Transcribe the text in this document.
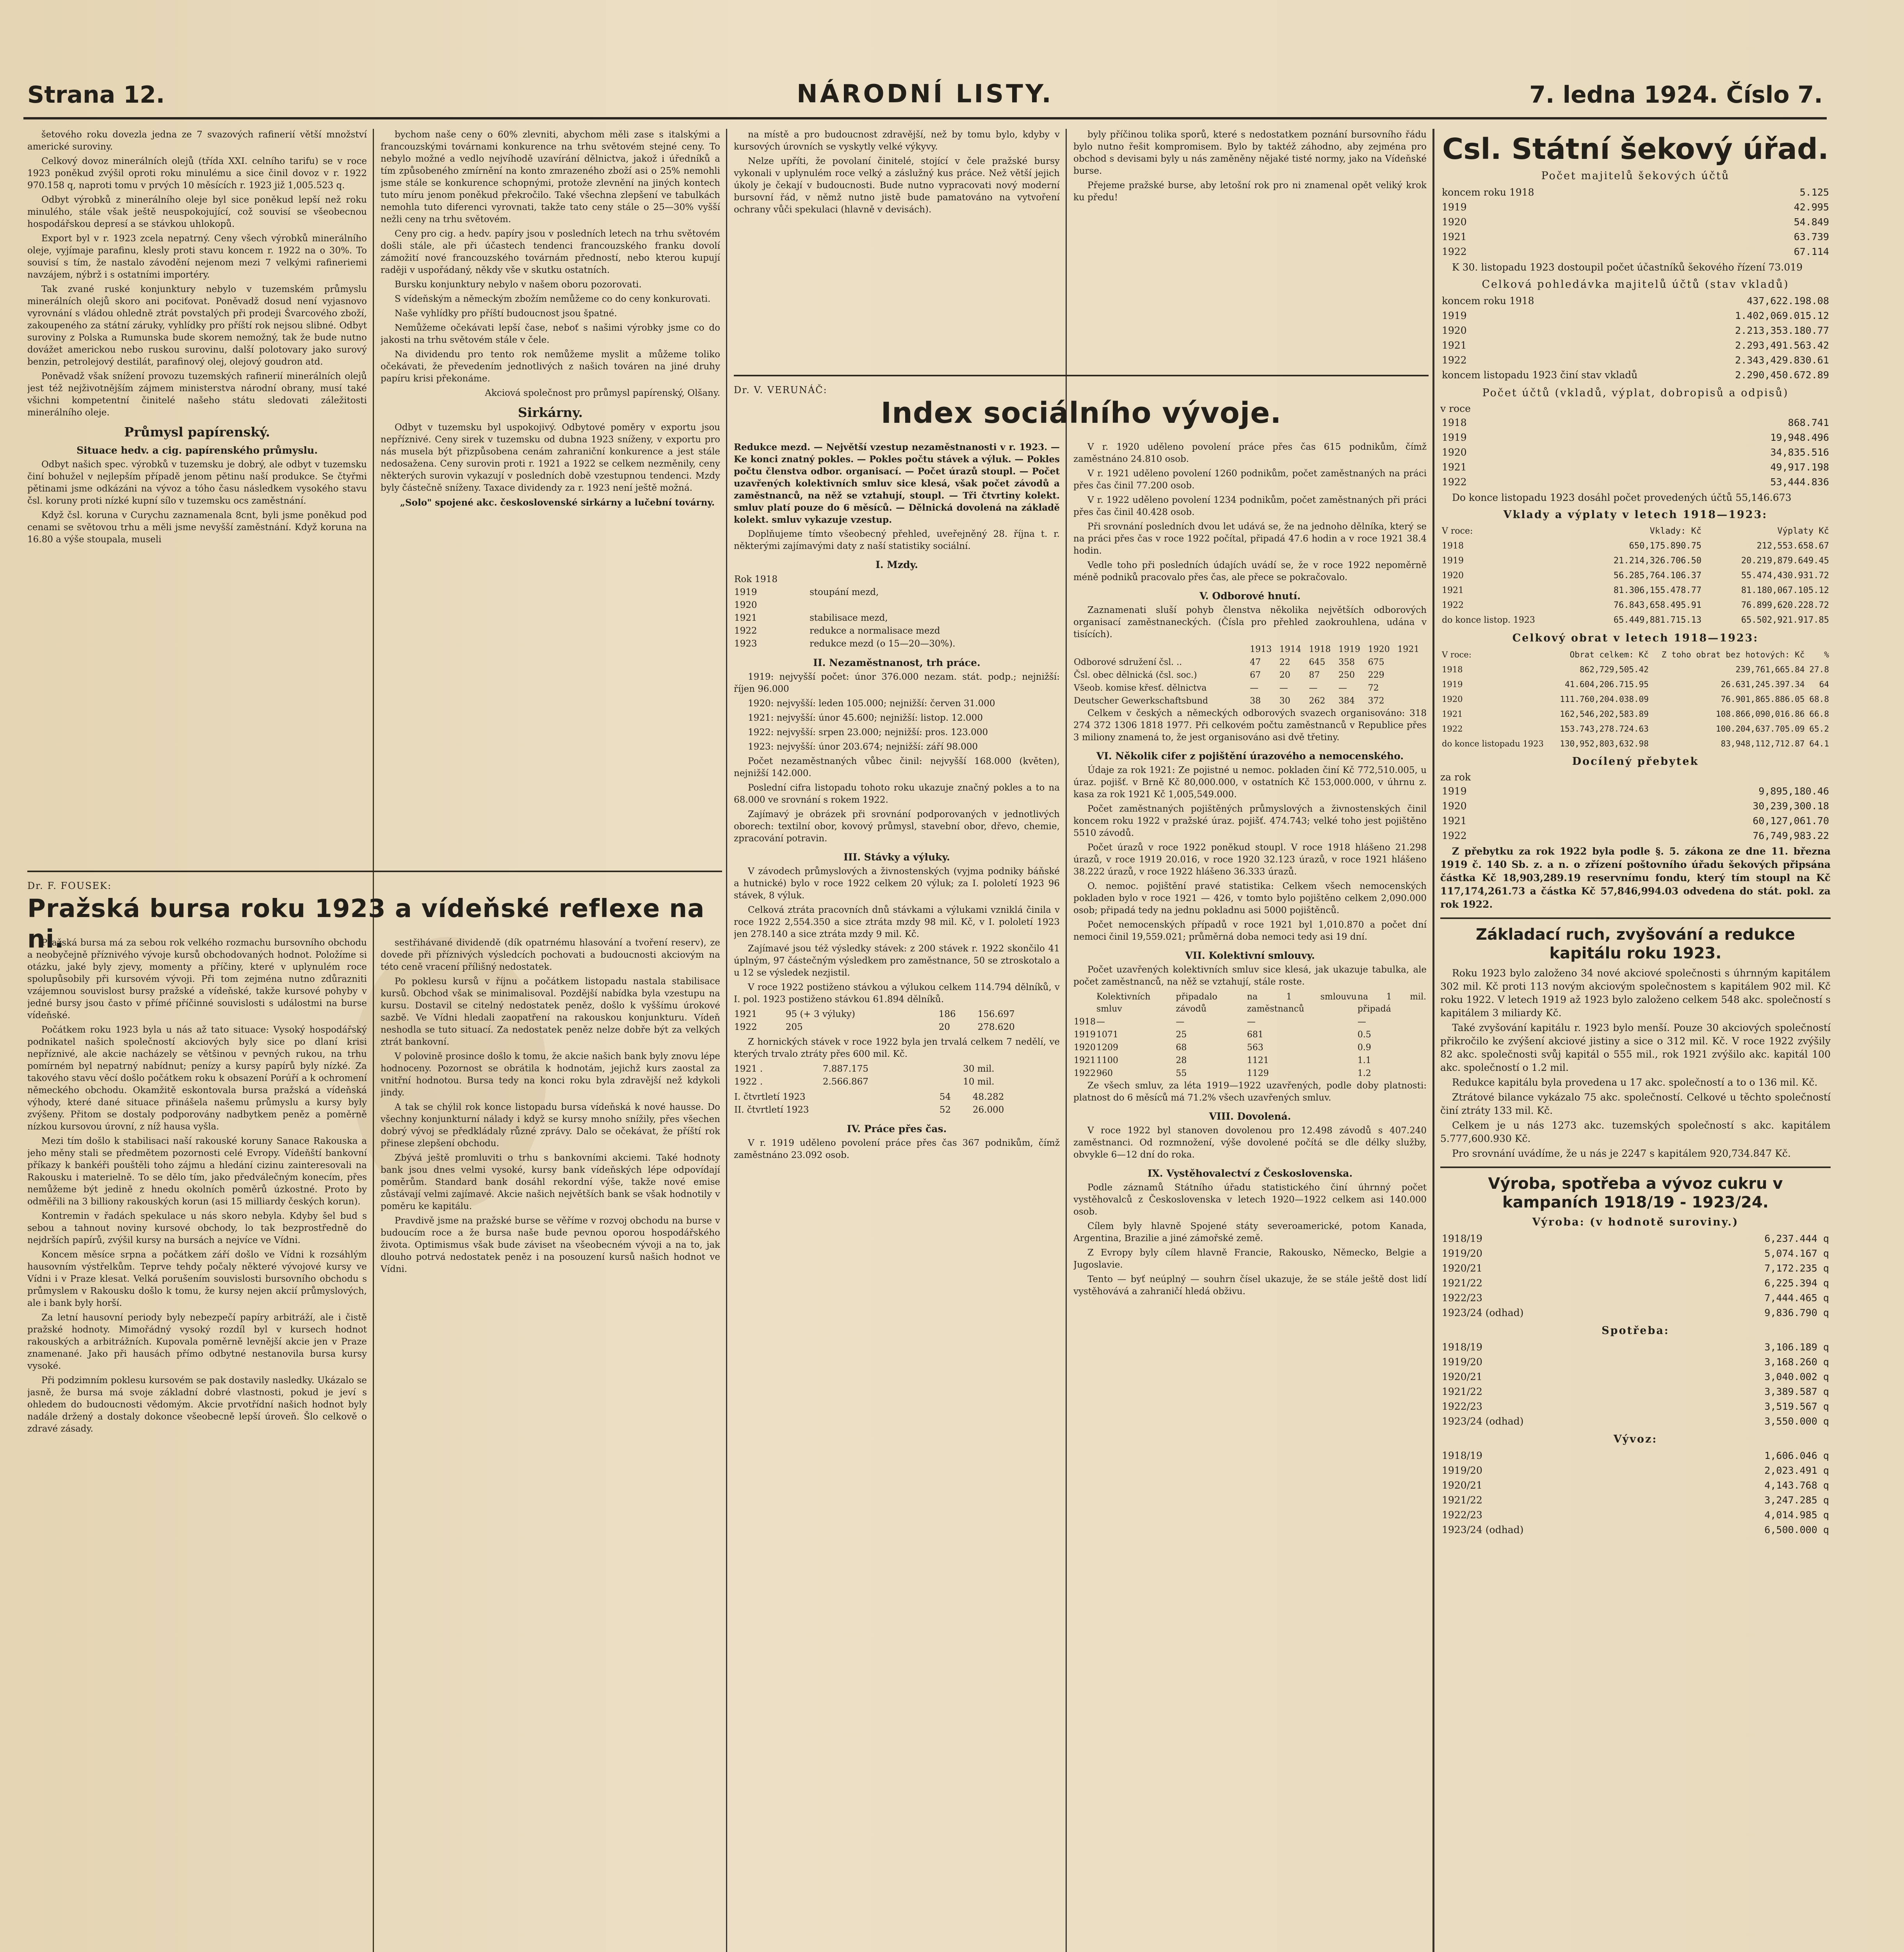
Strana 12.	NÁRODNÍ LISTY.	7. ledna 1924. Číslo 7.

šetového roku dovezla jedna ze 7 svazových rafinerií větší množství americké suroviny.

Celkový dovoz minerálních olejů (třída XXI. celního tarifu) se v roce 1923 poněkud zvýšil oproti roku minulému a sice činil dovoz v r. 1922 970.158 q, naproti tomu v prvých 10 měsících r. 1923 již 1,005.523 q.

Odbyt výrobků z minerálního oleje byl sice poněkud lepší než roku minulého, stále však ještě neuspokojující, což souvisí se všeobecnou hospodářskou depresí a se stávkou uhlokopů.

Export byl v r. 1923 zcela nepatrný. Ceny všech výrobků minerálního oleje, vyjímaje parafinu, klesly proti stavu koncem r. 1922 na o 30%. To souvisí s tím, že nastalo závodění nejenom mezi 7 velkými rafineriemi navzájem, nýbrž i s ostatními importéry.

Tak zvané ruské konjunktury nebylo v tuzemském průmyslu minerálních olejů skoro ani pociťovat. Poněvadž dosud není vyjasnovo vyrovnání s vládou ohledně ztrát povstalých při prodeji Švarcového zboží, zakoupeného za státní záruky, vyhlídky pro příští rok nejsou slibné. Odbyt suroviny z Polska a Rumunska bude skorem nemožný, tak že bude nutno dovážet americkou nebo ruskou surovinu, další polotovary jako surový benzin, petrolejový destilát, parafinový olej, olejový goudron atd.

Poněvadž však snížení provozu tuzemských rafinerií minerálních olejů jest též nejživotnějším zájmem ministerstva národní obrany, musí také všichni kompetentní činitelé našeho státu sledovati záležitosti minerálního oleje.

Průmysl papírenský.
Situace hedv. a cig. papírenského průmyslu.

Odbyt našich spec. výrobků v tuzemsku je dobrý, ale odbyt v tuzemsku činí bohužel v nejlepším případě jenom pětinu naší produkce. Se čtyřmi pětinami jsme odkázáni na vývoz a tóho času následkem vysokého stavu čsl. koruny proti nízké kupní sílo v tuzemsku ocs zaměstnání.

Když čsl. koruna v Curychu zaznamenala 8cnt, byli jsme poněkud pod cenami se světovou trhu a měli jsme nevyšší zaměstnání. Když koruna na 16.80 a výše stoupala, museli

bychom naše ceny o 60% zlevniti, abychom měli zase s italskými a francouzskými továrnami konkurence na trhu světovém stejné ceny. To nebylo možné a vedlo nejvíhodě uzavírání dělnictva, jakož i úředníků a tím způsobeného zmírnění na konto zmrazeného zboží asi o 25% nemohli jsme stále se konkurence schopnými, protože zlevnění na jiných kontech tuto míru jenom poněkud překročilo. Také všechna zlepšení ve tabulkách nemohla tuto diferenci vyrovnati, takže tato ceny stále o 25—30% vyšší nežli ceny na trhu světovém.

Ceny pro cig. a hedv. papíry jsou v posledních letech na trhu světovém došli stále, ale při účastech tendenci francouzského franku dovolí zámožití nové francouzského továrnám předností, nebo kterou kupují raději v uspořádaný, někdy vše v skutku ostatních.

Bursku konjunktury nebylo v našem oboru pozorovati.

S vídeňským a německým zbožím nemůžeme co do ceny konkurovati.

Naše vyhlídky pro příští budoucnost jsou špatné.

Nemůžeme očekávati lepší čase, neboť s našimi výrobky jsme co do jakosti na trhu světovém stále v čele.

Na dividendu pro tento rok nemůžeme myslit a můžeme toliko očekávati, že převedením jednotlivých z našich továren na jiné druhy papíru krisi překonáme.

Akciová společnost pro průmysl papírenský, Olšany.

Sirkárny.

Odbyt v tuzemsku byl uspokojivý. Odbytové poměry v exportu jsou nepříznivé. Ceny sirek v tuzemsku od dubna 1923 sníženy, v exportu pro nás musela být přizpůsobena cenám zahraniční konkurence a jest stále nedosažena. Ceny surovin proti r. 1921 a 1922 se celkem nezměnily, ceny některých surovin vykazují v posledních době vzestupnou tendenci. Mzdy byly částečně sníženy. Taxace dividendy za r. 1923 není ještě možná.

„Solo" spojené akc. československé sirkárny a lučební továrny.

na místě a pro budoucnost zdravější, než by tomu bylo, kdyby v kursových úrovních se vyskytly velké výkyvy.

Nelze upříti, že povolaní činitelé, stojící v čele pražské bursy vykonali v uplynulém roce velký a záslužný kus práce. Než větší jejich úkoly je čekají v budoucnosti. Bude nutno vypracovati nový moderní bursovní řád, v němž nutno jistě bude pamatováno na vytvoření ochrany vůči spekulaci (hlavně v devisách).

byly příčinou tolika sporů, které s nedostatkem poznání bursovního řádu bylo nutno řešit kompromisem. Bylo by taktéž záhodno, aby zejména pro obchod s devisami byly u nás zaměněny nějaké tisté normy, jako na Vídeňské burse.

Přejeme pražské burse, aby letošní rok pro ni znamenal opět veliký krok ku předu!

Dr. V. VERUNÁČ:
Index sociálního vývoje.

Redukce mezd. — Největší vzestup nezaměstnanosti v r. 1923. — Ke konci znatný pokles. — Pokles počtu stávek a výluk. — Pokles počtu členstva odbor. organisací. — Počet úrazů stoupl. — Počet uzavřených kolektivních smluv sice klesá, však počet závodů a zaměstnanců, na něž se vztahují, stoupl. — Tři čtvrtiny kolekt. smluv platí pouze do 6 měsíců. — Dělnická dovolená na základě kolekt. smluv vykazuje vzestup.

Doplňujeme tímto všeobecný přehled, uveřejněný 28. října t. r. některými zajímavými daty z naší statistiky sociální.

I. Mzdy.
Rok 1918	
1919	stoupání mezd,
1920	
1921	stabilisace mezd,
1922	redukce a normalisace mezd
1923	redukce mezd (o 15—20—30%).
II. Nezaměstnanost, trh práce.

1919: nejvyšší počet: únor 376.000 nezam. stát. podp.; nejnižší: říjen 96.000

1920: nejvyšší: leden 105.000; nejnižší: červen 31.000

1921: nejvyšší: únor 45.600; nejnižší: listop. 12.000

1922: nejvyšší: srpen 23.000; nejnižší: pros. 123.000

1923: nejvyšší: únor 203.674; nejnižší: září 98.000

Počet nezaměstnaných vůbec činil: nejvyšší 168.000 (květen), nejnižší 142.000.

Poslední cifra listopadu tohoto roku ukazuje značný pokles a to na 68.000 ve srovnání s rokem 1922.

Zajímavý je obrázek při srovnání podporovaných v jednotlivých oborech: textilní obor, kovový průmysl, stavební obor, dřevo, chemie, zpracování potravin.

III. Stávky a výluky.

V závodech průmyslových a živnostenských (vyjma podniky báňské a hutnické) bylo v roce 1922 celkem 20 výluk; za I. pololetí 1923 96 stávek, 8 výluk.

Celková ztráta pracovních dnů stávkami a výlukami vzniklá činila v roce 1922 2,554.350 a sice ztráta mzdy 98 mil. Kč, v I. pololetí 1923 jen 278.140 a sice ztráta mzdy 9 mil. Kč.

Zajímavé jsou též výsledky stávek: z 200 stávek r. 1922 skončilo 41 úplným, 97 částečným výsledkem pro zaměstnance, 50 se ztroskotalo a u 12 se výsledek nezjistil.

V roce 1922 postiženo stávkou a výlukou celkem 114.794 dělníků, v I. pol. 1923 postiženo stávkou 61.894 dělníků.

1921	95 (+ 3 výluky)	186	156.697
1922	205	20	278.620

Z hornických stávek v roce 1922 byla jen trvalá celkem 7 nedělí, ve kterých trvalo ztráty přes 600 mil. Kč.

1921 .	7.887.175	30 mil.
1922 .	2.566.867	10 mil.
I. čtvrtletí 1923	54	48.282
II. čtvrtletí 1923	52	26.000
IV. Práce přes čas.

V r. 1919 uděleno povolení práce přes čas 367 podnikům, čímž zaměstnáno 23.092 osob.

V r. 1920 uděleno povolení práce přes čas 615 podnikům, čímž zaměstnáno 24.810 osob.

V r. 1921 uděleno povolení 1260 podnikům, počet zaměstnaných na práci přes čas činil 77.200 osob.

V r. 1922 uděleno povolení 1234 podnikům, počet zaměstnaných při práci přes čas činil 40.428 osob.

Při srovnání posledních dvou let udává se, že na jednoho dělníka, který se na práci přes čas v roce 1922 počítal, připadá 47.6 hodin a v roce 1921 38.4 hodin.

Vedle toho při posledních údajích uvádí se, že v roce 1922 nepoměrně méně podniků pracovalo přes čas, ale přece se pokračovalo.

V. Odborové hnutí.

Zaznamenati sluší pohyb členstva několika největších odborových organisací zaměstnaneckých. (Čísla pro přehled zaokrouhlena, udána v tisících).

	1913	1914	1918	1919	1920	1921
Odborové sdružení čsl. ..	47	22	645	358	675	
Čsl. obec dělnická (čsl. soc.)	67	20	87	250	229	
Všeob. komise křesť. dělnictva	—	—	—	—	72	
Deutscher Gewerkschaftsbund	38	30	262	384	372	

Celkem v českých a německých odborových svazech organisováno: 318 274 372 1306 1818 1977. Při celkovém počtu zaměstnanců v Republice přes 3 miliony znamená to, že jest organisováno asi dvě třetiny.

VI. Několik cifer z pojištění úrazového a nemocenského.

Údaje za rok 1921: Ze pojistné u nemoc. pokladen činí Kč 772,510.005, u úraz. pojišť. v Brně Kč 80,000.000, v ostatních Kč 153,000.000, v úhrnu z. kasa za rok 1921 Kč 1,005,549.000.

Počet zaměstnaných pojištěných průmyslových a živnostenských činil koncem roku 1922 v pražské úraz. pojišť. 474.743; velké toho jest pojištěno 5510 závodů.

Počet úrazů v roce 1922 poněkud stoupl. V roce 1918 hlášeno 21.298 úrazů, v roce 1919 20.016, v roce 1920 32.123 úrazů, v roce 1921 hlášeno 38.222 úrazů, v roce 1922 hlášeno 36.333 úrazů.

O. nemoc. pojištění pravé statistika: Celkem všech nemocenských pokladen bylo v roce 1921 — 426, v tomto bylo pojištěno celkem 2,090.000 osob; připadá tedy na jednu pokladnu asi 5000 pojištěnců.

Počet nemocenských případů v roce 1921 byl 1,010.870 a počet dní nemoci činil 19,559.021; průměrná doba nemoci tedy asi 19 dní.

VII. Kolektivní smlouvy.

Počet uzavřených kolektivních smluv sice klesá, jak ukazuje tabulka, ale počet zaměstnanců, na něž se vztahují, stále roste.

	Kolektivních smluv	připadalo závodů	na 1 smlouvu zaměstnanců	na 1 mil. připadá
1918	—	—	—	—
1919	1071	25	681	0.5
1920	1209	68	563	0.9
1921	1100	28	1121	1.1
1922	960	55	1129	1.2

Ze všech smluv, za léta 1919—1922 uzavřených, podle doby platnosti: platnost do 6 měsíců má 71.2% všech uzavřených smluv.

VIII. Dovolená.

V roce 1922 byl stanoven dovolenou pro 12.498 závodů s 407.240 zaměstnanci. Od rozmnožení, výše dovolené počítá se dle délky služby, obvykle 6—12 dní do roka.

IX. Vystěhovalectví z Československa.

Podle záznamů Státního úřadu statistického činí úhrnný počet vystěhovalců z Československa v letech 1920—1922 celkem asi 140.000 osob.

Cílem byly hlavně Spojené státy severoamerické, potom Kanada, Argentina, Brazilie a jiné zámořské země.

Z Evropy byly cílem hlavně Francie, Rakousko, Německo, Belgie a Jugoslavie.

Tento — byť neúplný — souhrn čísel ukazuje, že se stále ještě dost lidí vystěhovává a zahraničí hledá obživu.

Dr. F. FOUSEK:
Pražská bursa roku 1923 a vídeňské reflexe na ni.

Pražská bursa má za sebou rok velkého rozmachu bursovního obchodu a neobyčejně příznivého vývoje kursů obchodovaných hodnot. Položíme si otázku, jaké byly zjevy, momenty a příčiny, které v uplynulém roce spolupůsobily při kursovém vývoji. Při tom zejména nutno zdůrazniti vzájemnou souvislost bursy pražské a vídeňské, takže kursové pohyby v jedné bursy jsou často v přímé příčinné souvislosti s událostmi na burse vídeňské.

Počátkem roku 1923 byla u nás až tato situace: Vysoký hospodářský podnikatel našich společností akciových byly sice po dlaní krisi nepříznivé, ale akcie nacházely se většinou v pevných rukou, na trhu pomírném byl nepatrný nabídnut; penízy a kursy papírů byly nízké. Za takového stavu věcí došlo počátkem roku k obsazení Porúří a k ochromení německého obchodu. Okamžitě eskontovala bursa pražská a vídeňská výhody, které dané situace přinášela našemu průmyslu a kursy byly zvýšeny. Přitom se dostaly podporovány nadbytkem peněz a poměrně nízkou kursovou úrovní, z níž hausa vyšla.

Mezi tím došlo k stabilisaci naší rakouské koruny Sanace Rakouska a jeho měny stali se předmětem pozornosti celé Evropy. Vídeňští bankovní příkazy k bankéři pouštěli toho zájmu a hledání cizinu zainteresovali na Rakousku i materielně. To se dělo tím, jako předválečným konecím, přes nemůžeme být jedině z hnedu okolních poměrů úzkostné. Proto by odměřili na 3 billiony rakouských korun (asi 15 milliardy českých korun).

Kontremin v řadách spekulace u nás skoro nebyla. Kdyby šel bud s sebou a tahnout noviny kursové obchody, lo tak bezprostředně do nejdrších papírů, zvýšil kursy na bursách a nejvíce ve Vídni.

Koncem měsíce srpna a počátkem září došlo ve Vídni k rozsáhlým hausovním výstřelkům. Teprve tehdy počaly některé vývojové kursy ve Vídni i v Praze klesat. Velká porušením souvislosti bursovního obchodu s průmyslem v Rakousku došlo k tomu, že kursy nejen akcií průmyslových, ale i bank byly horší.

Za letní hausovní periody byly nebezpečí papíry arbitráží, ale i čistě pražské hodnoty. Mimořádný vysoký rozdíl byl v kursech hodnot rakouských a arbitrážních. Kupovala poměrně levnější akcie jen v Praze znamenané. Jako při hausách přímo odbytné nestanovila bursa kursy vysoké.

Při podzimním poklesu kursovém se pak dostavily nasledky. Ukázalo se jasně, že bursa má svoje základní dobré vlastnosti, pokud je jeví s ohledem do budoucnosti vědomým. Akcie prvotřídní našich hodnot byly nadále držený a dostaly dokonce všeobecně lepší úroveň. Šlo celkově o zdravé zásady.

sestřihávané dividendě (dík opatrnému hlasování a tvoření reserv), ze dovede při příznivých výsledcích pochovati a budoucnosti akciovým na této ceně vracení přílišný nedostatek.

Po poklesu kursů v říjnu a počátkem listopadu nastala stabilisace kursů. Obchod však se minimalisoval. Pozdější nabídka byla vzestupu na kursu. Dostavil se citelný nedostatek peněz, došlo k vyššímu úrokové sazbě. Ve Vídni hledali zaopatření na rakouskou konjunkturu. Vídeň neshodla se tuto situací. Za nedostatek peněz nelze dobře být za velkých ztrát bankovní.

V polovině prosince došlo k tomu, že akcie našich bank byly znovu lépe hodnoceny. Pozornost se obrátila k hodnotám, jejichž kurs zaostal za vnitřní hodnotou. Bursa tedy na konci roku byla zdravější než kdykoli jindy.

A tak se chýlil rok konce listopadu bursa vídeňská k nové hausse. Do všechny konjunkturní nálady i když se kursy mnoho snížily, přes všechen dobrý vývoj se předkládaly různé zprávy. Dalo se očekávat, že příští rok přinese zlepšení obchodu.

Zbývá ještě promluviti o trhu s bankovními akciemi. Také hodnoty bank jsou dnes velmi vysoké, kursy bank vídeňských lépe odpovídají poměrům. Standard bank dosáhl rekordní výše, takže nové emise zůstávají velmi zajímavé. Akcie našich největších bank se však hodnotily v poměru ke kapitálu.

Pravdivě jsme na pražské burse se věříme v rozvoj obchodu na burse v budoucím roce a že bursa naše bude pevnou oporou hospodářského života. Optimismus však bude záviset na všeobecném vývoji a na to, jak dlouho potrvá nedostatek peněz i na posouzení kursů našich hodnot ve Vídni.

Csl. Státní šekový úřad.
Počet majitelů šekových účtů
koncem roku 1918	5.125
1919	42.995
1920	54.849
1921	63.739
1922	67.114

K 30. listopadu 1923 dostoupil počet účastníků šekového řízení 73.019

Celková pohledávka majitelů účtů (stav vkladů)
koncem roku 1918	437,622.198.08
1919	1.402,069.015.12
1920	2.213,353.180.77
1921	2.293,491.563.42
1922	2.343,429.830.61
koncem listopadu 1923 činí stav vkladů	2.290,450.672.89
Počet účtů (vkladů, výplat, dobropisů a odpisů)
v roce
1918	868.741
1919	19,948.496
1920	34,835.516
1921	49,917.198
1922	53,444.836

Do konce listopadu 1923 dosáhl počet provedených účtů 55,146.673

Vklady a výplaty v letech 1918—1923:
V roce:	Vklady: Kč	Výplaty Kč
1918	650,175.890.75	212,553.658.67
1919	21.214,326.706.50	20.219,879.649.45
1920	56.285,764.106.37	55.474,430.931.72
1921	81.306,155.478.77	81.180,067.105.12
1922	76.843,658.495.91	76.899,620.228.72
do konce listop. 1923	65.449,881.715.13	65.502,921.917.85
Celkový obrat v letech 1918—1923:
V roce:	Obrat celkem: Kč	Z toho obrat bez hotových: Kč	%
1918	862,729,505.42	239,761,665.84	27.8
1919	41.604,206.715.95	26.631,245.397.34	64
1920	111.760,204.038.09	76.901,865.886.05	68.8
1921	162,546,202,583.89	108.866,090,016.86	66.8
1922	153.743,278.724.63	100.204,637.705.09	65.2
do konce listopadu 1923	130,952,803,632.98	83,948,112,712.87	64.1
Docílený přebytek
za rok
1919	9,895,180.46
1920	30,239,300.18
1921	60,127,061.70
1922	76,749,983.22

Z přebytku za rok 1922 byla podle §. 5. zákona ze dne 11. března 1919 č. 140 Sb. z. a n. o zřízení poštovního úřadu šekových připsána částka Kč 18,903,289.19 reservnímu fondu, který tím stoupl na Kč 117,174,261.73 a částka Kč 57,846,994.03 odvedena do stát. pokl. za rok 1922.

Základací ruch, zvyšování a redukce kapitálu roku 1923.

Roku 1923 bylo založeno 34 nové akciové společnosti s úhrnným kapitálem 302 mil. Kč proti 113 novým akciovým společnostem s kapitálem 902 mil. Kč roku 1922. V letech 1919 až 1923 bylo založeno celkem 548 akc. společností s kapitálem 3 miliardy Kč.

Také zvyšování kapitálu r. 1923 bylo menší. Pouze 30 akciových společností přikročilo ke zvýšení akciové jistiny a sice o 312 mil. Kč. V roce 1922 zvýšily 82 akc. společnosti svůj kapitál o 555 mil., rok 1921 zvýšilo akc. kapitál 100 akc. společností o 1.2 mil.

Redukce kapitálu byla provedena u 17 akc. společností a to o 136 mil. Kč.

Ztrátové bilance vykázalo 75 akc. společností. Celkové u těchto společností činí ztráty 133 mil. Kč.

Celkem je u nás 1273 akc. tuzemských společností s akc. kapitálem 5.777,600.930 Kč.

Pro srovnání uvádíme, že u nás je 2247 s kapitálem 920,734.847 Kč.

Výroba, spotřeba a vývoz cukru v kampaních 1918/19 - 1923/24.
Výroba: (v hodnotě suroviny.)
1918/19	6,237.444 q
1919/20	5,074.167 q
1920/21	7,172.235 q
1921/22	6,225.394 q
1922/23	7,444.465 q
1923/24 (odhad)	9,836.790 q
Spotřeba:
1918/19	3,106.189 q
1919/20	3,168.260 q
1920/21	3,040.002 q
1921/22	3,389.587 q
1922/23	3,519.567 q
1923/24 (odhad)	3,550.000 q
Vývoz:
1918/19	1,606.046 q
1919/20	2,023.491 q
1920/21	4,143.768 q
1921/22	3,247.285 q
1922/23	4,014.985 q
1923/24 (odhad)	6,500.000 q
